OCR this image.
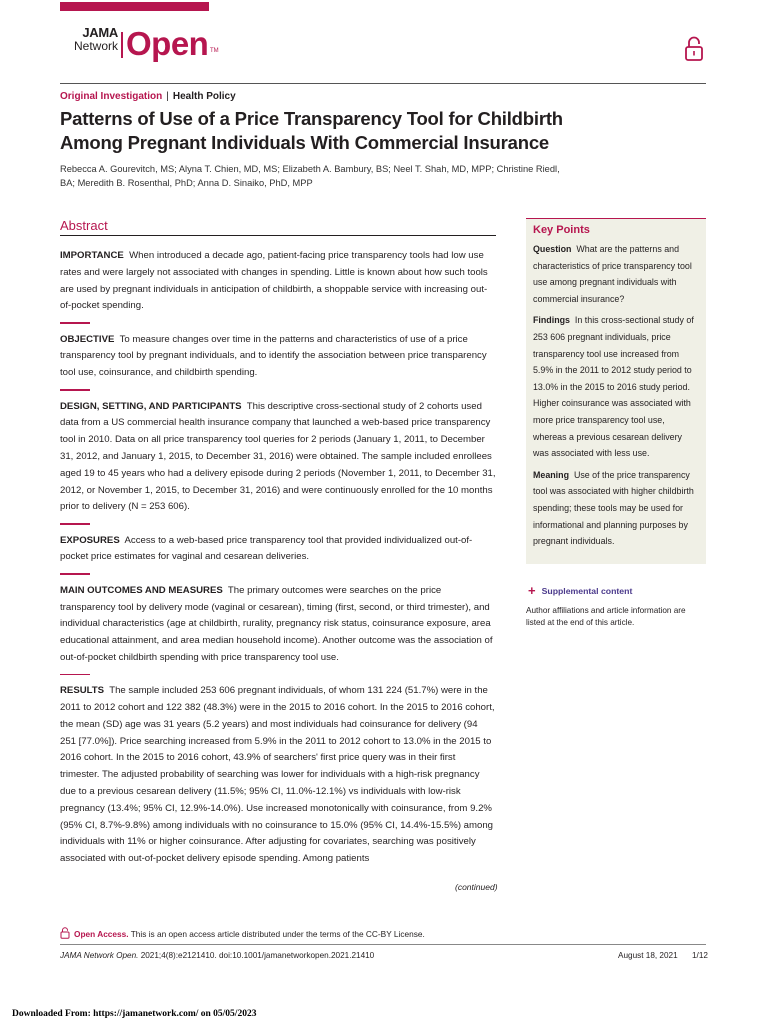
JAMA
Network Open TM
Original Investigation | Health Policy
Patterns of Use of a Price Transparency Tool for Childbirth Among Pregnant Individuals With Commercial Insurance
Rebecca A. Gourevitch, MS; Alyna T. Chien, MD, MS; Elizabeth A. Bambury, BS; Neel T. Shah, MD, MPP; Christine Riedl, BA; Meredith B. Rosenthal, PhD; Anna D. Sinaiko, PhD, MPP
Abstract

IMPORTANCE When introduced a decade ago, patient-facing price transparency tools had low use rates and were largely not associated with changes in spending. Little is known about how such tools are used by pregnant individuals in anticipation of childbirth, a shoppable service with increasing out-of-pocket spending.

OBJECTIVE To measure changes over time in the patterns and characteristics of use of a price transparency tool by pregnant individuals, and to identify the association between price transparency tool use, coinsurance, and childbirth spending.

DESIGN, SETTING, AND PARTICIPANTS This descriptive cross-sectional study of 2 cohorts used data from a US commercial health insurance company that launched a web-based price transparency tool in 2010. Data on all price transparency tool queries for 2 periods (January 1, 2011, to December 31, 2012, and January 1, 2015, to December 31, 2016) were obtained. The sample included enrollees aged 19 to 45 years who had a delivery episode during 2 periods (November 1, 2011, to December 31, 2012, or November 1, 2015, to December 31, 2016) and were continuously enrolled for the 10 months prior to delivery (N = 253 606).

EXPOSURES Access to a web-based price transparency tool that provided individualized out-of-pocket price estimates for vaginal and cesarean deliveries.

MAIN OUTCOMES AND MEASURES The primary outcomes were searches on the price transparency tool by delivery mode (vaginal or cesarean), timing (first, second, or third trimester), and individual characteristics (age at childbirth, rurality, pregnancy risk status, coinsurance exposure, area educational attainment, and area median household income). Another outcome was the association of out-of-pocket childbirth spending with price transparency tool use.

RESULTS The sample included 253 606 pregnant individuals, of whom 131 224 (51.7%) were in the 2011 to 2012 cohort and 122 382 (48.3%) were in the 2015 to 2016 cohort. In the 2015 to 2016 cohort, the mean (SD) age was 31 years (5.2 years) and most individuals had coinsurance for delivery (94 251 [77.0%]). Price searching increased from 5.9% in the 2011 to 2012 cohort to 13.0% in the 2015 to 2016 cohort. In the 2015 to 2016 cohort, 43.9% of searchers' first price query was in their first trimester. The adjusted probability of searching was lower for individuals with a high-risk pregnancy due to a previous cesarean delivery (11.5%; 95% CI, 11.0%-12.1%) vs individuals with low-risk pregnancy (13.4%; 95% CI, 12.9%-14.0%). Use increased monotonically with coinsurance, from 9.2% (95% CI, 8.7%-9.8%) among individuals with no coinsurance to 15.0% (95% CI, 14.4%-15.5%) among individuals with 11% or higher coinsurance. After adjusting for covariates, searching was positively associated with out-of-pocket delivery episode spending. Among patients

(continued)
Key Points

Question What are the patterns and characteristics of price transparency tool use among pregnant individuals with commercial insurance?

Findings In this cross-sectional study of 253 606 pregnant individuals, price transparency tool use increased from 5.9% in the 2011 to 2012 study period to 13.0% in the 2015 to 2016 study period. Higher coinsurance was associated with more price transparency tool use, whereas a previous cesarean delivery was associated with less use.

Meaning Use of the price transparency tool was associated with higher childbirth spending; these tools may be used for informational and planning purposes by pregnant individuals.

+ Supplemental content
Author affiliations and article information are listed at the end of this article.
Open Access. This is an open access article distributed under the terms of the CC-BY License.
JAMA Network Open. 2021;4(8):e2121410. doi:10.1001/jamanetworkopen.2021.21410	August 18, 2021 1/12
Downloaded From: https://jamanetwork.com/ on 05/05/2023
